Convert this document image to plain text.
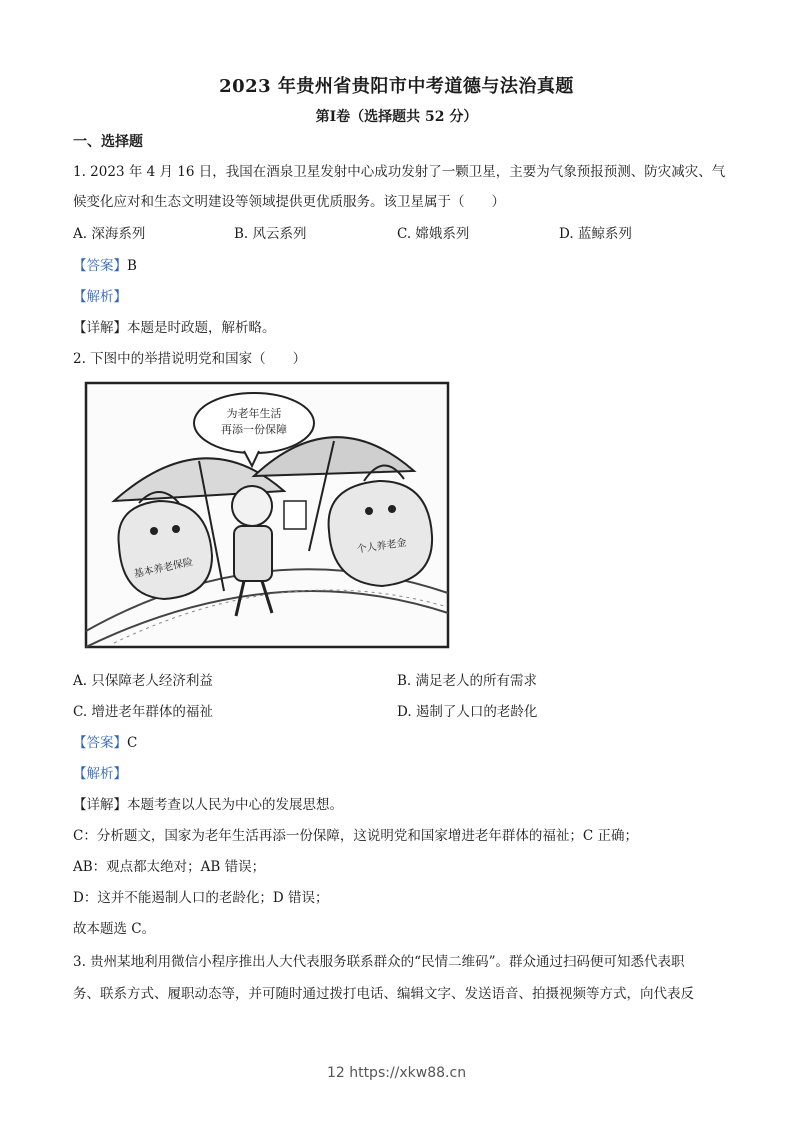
2023 年贵州省贵阳市中考道德与法治真题
第Ⅰ卷（选择题共 52 分）
一、选择题
1. 2023 年 4 月 16 日，我国在酒泉卫星发射中心成功发射了一颗卫星，主要为气象预报预测、防灾减灾、气
候变化应对和生态文明建设等领域提供更优质服务。该卫星属于（　　）
A. 深海系列	B. 风云系列	C. 嫦娥系列	D. 蓝鲸系列
【答案】B
【解析】
【详解】本题是时政题，解析略。
2. 下图中的举措说明党和国家（　　）
为老年生活
再添一份保障
基本养老保险
个人养老金
A. 只保障老人经济利益	B. 满足老人的所有需求
C. 增进老年群体的福祉	D. 遏制了人口的老龄化
【答案】C
【解析】
【详解】本题考查以人民为中心的发展思想。
C：分析题文，国家为老年生活再添一份保障，这说明党和国家增进老年群体的福祉；C 正确；
AB：观点都太绝对；AB 错误；
D：这并不能遏制人口的老龄化；D 错误；
故本题选 C。
3. 贵州某地利用微信小程序推出人大代表服务联系群众的“民情二维码”。群众通过扫码便可知悉代表职
务、联系方式、履职动态等，并可随时通过拨打电话、编辑文字、发送语音、拍摄视频等方式，向代表反
12 https://xkw88.cn
